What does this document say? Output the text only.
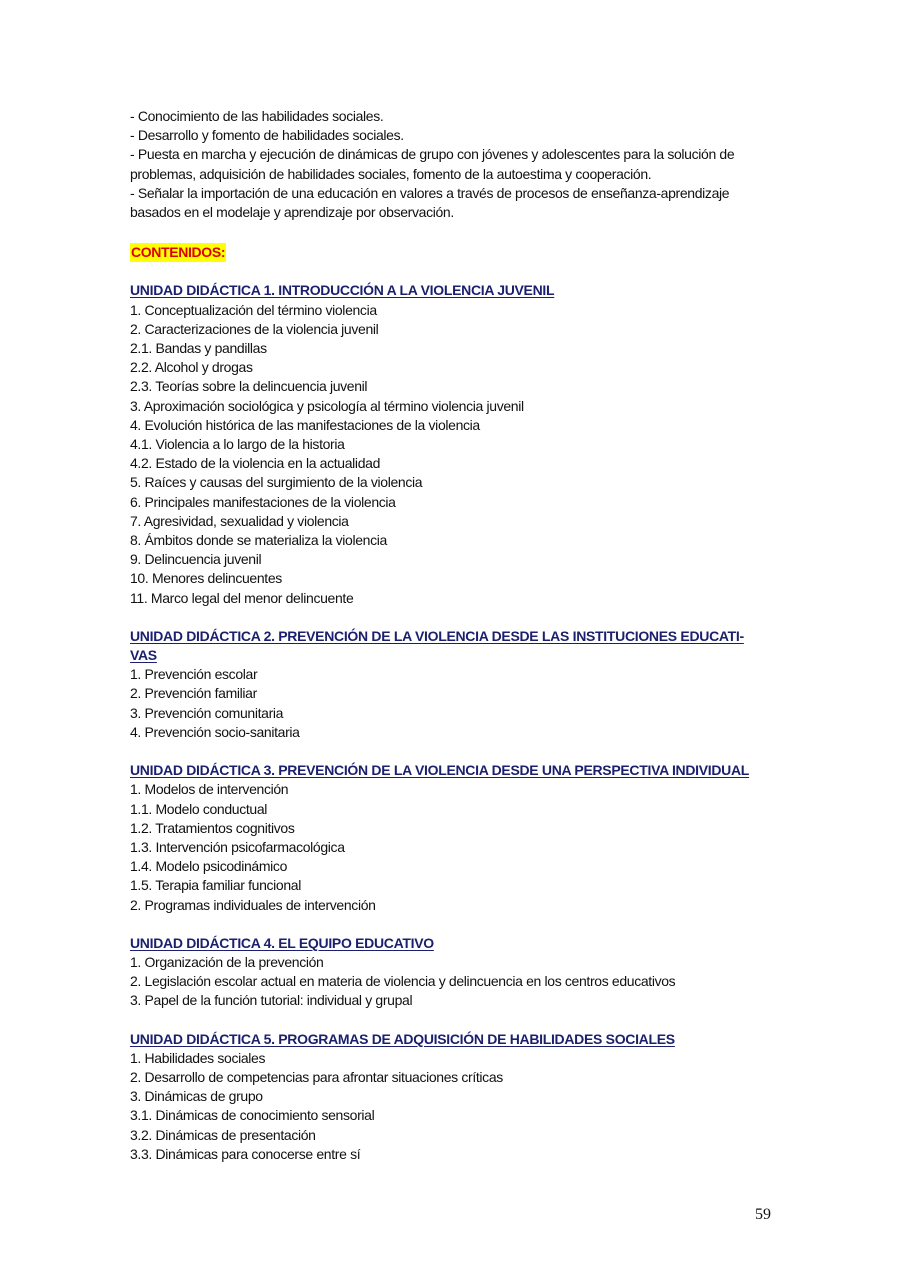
- Conocimiento de las habilidades sociales.
- Desarrollo y fomento de habilidades sociales.
- Puesta en marcha y ejecución de dinámicas de grupo con jóvenes y adolescentes para la solución de
problemas, adquisición de habilidades sociales, fomento de la autoestima y cooperación.
- Señalar la importación de una educación en valores a través de procesos de enseñanza-aprendizaje
basados en el modelaje y aprendizaje por observación.
CONTENIDOS:
UNIDAD DIDÁCTICA 1. INTRODUCCIÓN A LA VIOLENCIA JUVENIL
1. Conceptualización del término violencia
2. Caracterizaciones de la violencia juvenil
2.1. Bandas y pandillas
2.2. Alcohol y drogas
2.3. Teorías sobre la delincuencia juvenil
3. Aproximación sociológica y psicología al término violencia juvenil
4. Evolución histórica de las manifestaciones de la violencia
4.1. Violencia a lo largo de la historia
4.2. Estado de la violencia en la actualidad
5. Raíces y causas del surgimiento de la violencia
6. Principales manifestaciones de la violencia
7. Agresividad, sexualidad y violencia
8. Ámbitos donde se materializa la violencia
9. Delincuencia juvenil
10. Menores delincuentes
11. Marco legal del menor delincuente
UNIDAD DIDÁCTICA 2. PREVENCIÓN DE LA VIOLENCIA DESDE LAS INSTITUCIONES EDUCATI-
VAS
1. Prevención escolar
2. Prevención familiar
3. Prevención comunitaria
4. Prevención socio-sanitaria
UNIDAD DIDÁCTICA 3. PREVENCIÓN DE LA VIOLENCIA DESDE UNA PERSPECTIVA INDIVIDUAL
1. Modelos de intervención
1.1. Modelo conductual
1.2. Tratamientos cognitivos
1.3. Intervención psicofarmacológica
1.4. Modelo psicodinámico
1.5. Terapia familiar funcional
2. Programas individuales de intervención
UNIDAD DIDÁCTICA 4. EL EQUIPO EDUCATIVO
1. Organización de la prevención
2. Legislación escolar actual en materia de violencia y delincuencia en los centros educativos
3. Papel de la función tutorial: individual y grupal
UNIDAD DIDÁCTICA 5. PROGRAMAS DE ADQUISICIÓN DE HABILIDADES SOCIALES
1. Habilidades sociales
2. Desarrollo de competencias para afrontar situaciones críticas
3. Dinámicas de grupo
3.1. Dinámicas de conocimiento sensorial
3.2. Dinámicas de presentación
3.3. Dinámicas para conocerse entre sí
59
